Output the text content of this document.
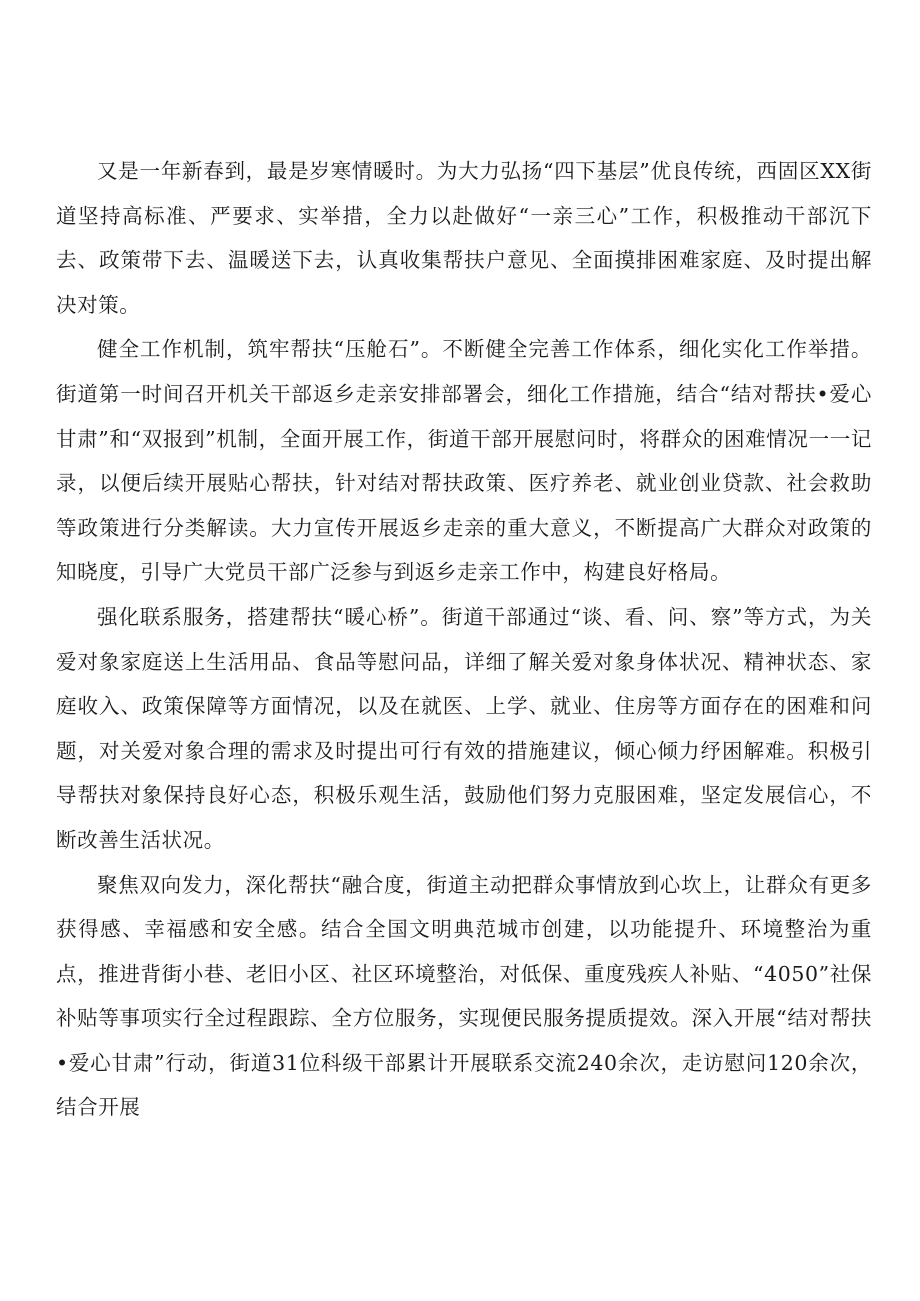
又是一年新春到，最是岁寒情暖时。为大力弘扬“四下基层”优良传统，西固区XX街道坚持高标准、严要求、实举措，全力以赴做好“一亲三心”工作，积极推动干部沉下去、政策带下去、温暖送下去，认真收集帮扶户意见、全面摸排困难家庭、及时提出解决对策。

健全工作机制，筑牢帮扶“压舱石”。不断健全完善工作体系，细化实化工作举措。街道第一时间召开机关干部返乡走亲安排部署会，细化工作措施，结合“结对帮扶•爱心甘肃”和“双报到”机制，全面开展工作，街道干部开展慰问时，将群众的困难情况一一记录，以便后续开展贴心帮扶，针对结对帮扶政策、医疗养老、就业创业贷款、社会救助等政策进行分类解读。大力宣传开展返乡走亲的重大意义，不断提高广大群众对政策的知晓度，引导广大党员干部广泛参与到返乡走亲工作中，构建良好格局。

强化联系服务，搭建帮扶“暖心桥”。街道干部通过“谈、看、问、察”等方式，为关爱对象家庭送上生活用品、食品等慰问品，详细了解关爱对象身体状况、精神状态、家庭收入、政策保障等方面情况，以及在就医、上学、就业、住房等方面存在的困难和问题，对关爱对象合理的需求及时提出可行有效的措施建议，倾心倾力纾困解难。积极引导帮扶对象保持良好心态，积极乐观生活，鼓励他们努力克服困难，坚定发展信心，不断改善生活状况。

聚焦双向发力，深化帮扶“融合度，街道主动把群众事情放到心坎上，让群众有更多获得感、幸福感和安全感。结合全国文明典范城市创建，以功能提升、环境整治为重点，推进背街小巷、老旧小区、社区环境整治，对低保、重度残疾人补贴、“4050”社保补贴等事项实行全过程跟踪、全方位服务，实现便民服务提质提效。深入开展“结对帮扶•爱心甘肃”行动，街道31位科级干部累计开展联系交流240余次，走访慰问120余次，结合开展
